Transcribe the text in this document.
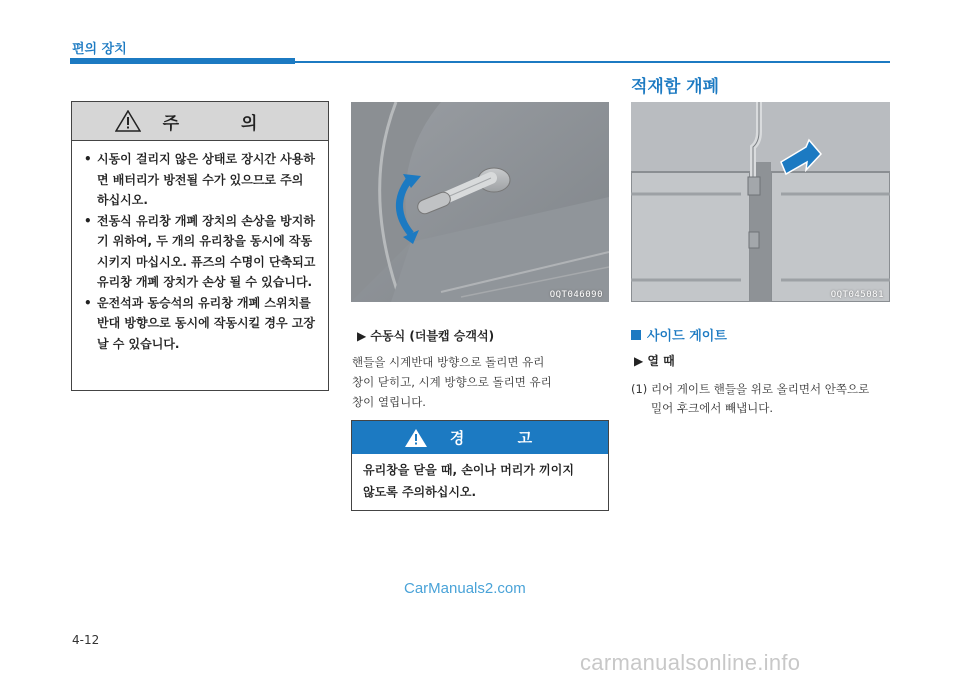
편의 장치
주 의
• 시동이 걸리지 않은 상태로 장시간 사용하면 배터리가 방전될 수가 있으므로 주의 하십시오.
• 전동식 유리창 개폐 장치의 손상을 방지하기 위하여, 두 개의 유리창을 동시에 작동시키지 마십시오. 퓨즈의 수명이 단축되고 유리창 개폐 장치가 손상 될 수 있습니다.
• 운전석과 동승석의 유리창 개폐 스위치를 반대 방향으로 동시에 작동시킬 경우 고장 날 수 있습니다.
OQT046090
▶ 수동식 (더블캡 승객석)
핸들을 시계반대 방향으로 돌리면 유리
창이 닫히고, 시계 방향으로 돌리면 유리
창이 열립니다.
경 고
유리창을 닫을 때, 손이나 머리가 끼이지
않도록 주의하십시오.
적재함 개폐
OQT045081
사이드 게이트
▶ 열 때
(1) 리어 게이트 핸들을 위로 올리면서 안쪽으로
밀어 후크에서 빼냅니다.
CarManuals2.com
4-12
carmanualsonline.info
